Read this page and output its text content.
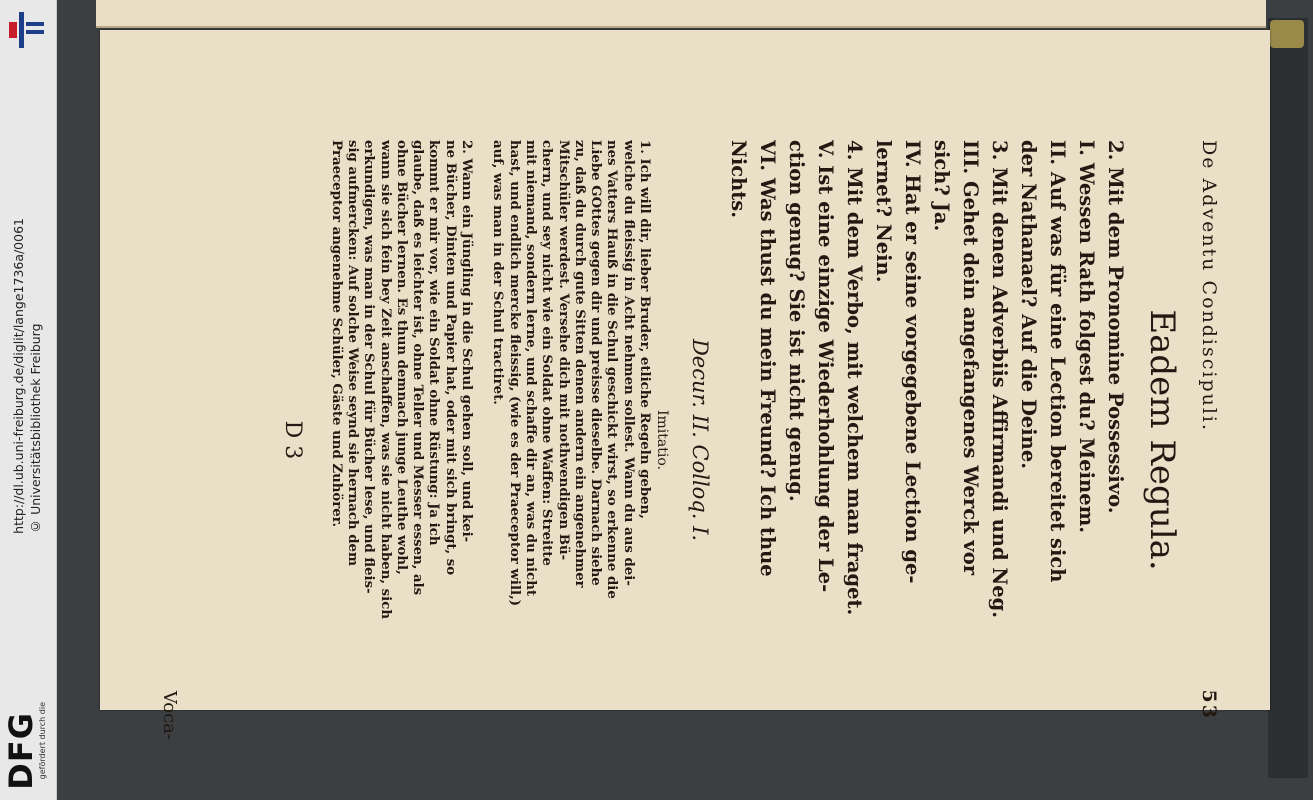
http://dl.ub.uni-freiburg.de/diglit/lange1736a/0061 © Universitätsbibliothek Freiburg
DFG
gefördert durch die
De Adventu Condiscipuli.
53
Eadem Regula.
2. Mit dem Pronomine Possessivo.
I. Wessen Rath folgest du? Meinem.
II. Auf was für eine Lection bereitet sich
der Nathanael? Auf die Deine.
3. Mit denen Adverbiis Affirmandi und Neg.
III. Gehet dein angefangenes Werck vor
sich? Ja.
IV. Hat er seine vorgegebene Lection ge-
lernet? Nein.
4. Mit dem Verbo, mit welchem man fraget.
V. Ist eine einzige Wiederhohlung der Le-
ction genug? Sie ist nicht genug.
VI. Was thust du mein Freund? Ich thue
Nichts.
Decur. II. Colloq. I.
Imitatio.
1. Ich will dir, lieber Bruder, etliche Regeln geben,
welche du fleissig in Acht nehmen sollest. Wann du aus dei-
nes Vatters Hauß in die Schul geschickt wirst, so erkenne die
Liebe GOttes gegen dir und preisse dieselbe. Darnach siehe
zu, daß du durch gute Sitten denen andern ein angenehmer
Mitschüler werdest. Versehe dich mit nothwendigen Bü-
chern, und sey nicht wie ein Soldat ohne Waffen: Streitte
mit niemand, sondern lerne, und schaffe dir an, was du nicht
hast, und endlich mercke fleissig, (wie es der Praeceptor will,)
auf, was man in der Schul tractiret.
2. Wann ein Jüngling in die Schul gehen soll, und kei-
ne Bücher, Dinten und Papier hat, oder mit sich bringt, so
kommt er mir vor, wie ein Soldat ohne Rüstung: Ja ich
glaube, daß es leichter ist, ohne Teller und Messer essen, als
ohne Bücher lernen. Es thun demnach junge Leuthe wohl,
wann sie sich fein bey Zeit anschaffen, was sie nicht haben, sich
erkundigen, was man in der Schul für Bücher lese, und fleis-
sig aufmercken: Auf solche Weise seynd sie hernach dem
Praeceptor angenehme Schüler, Gäste und Zuhörer.
D 3
Voca-
